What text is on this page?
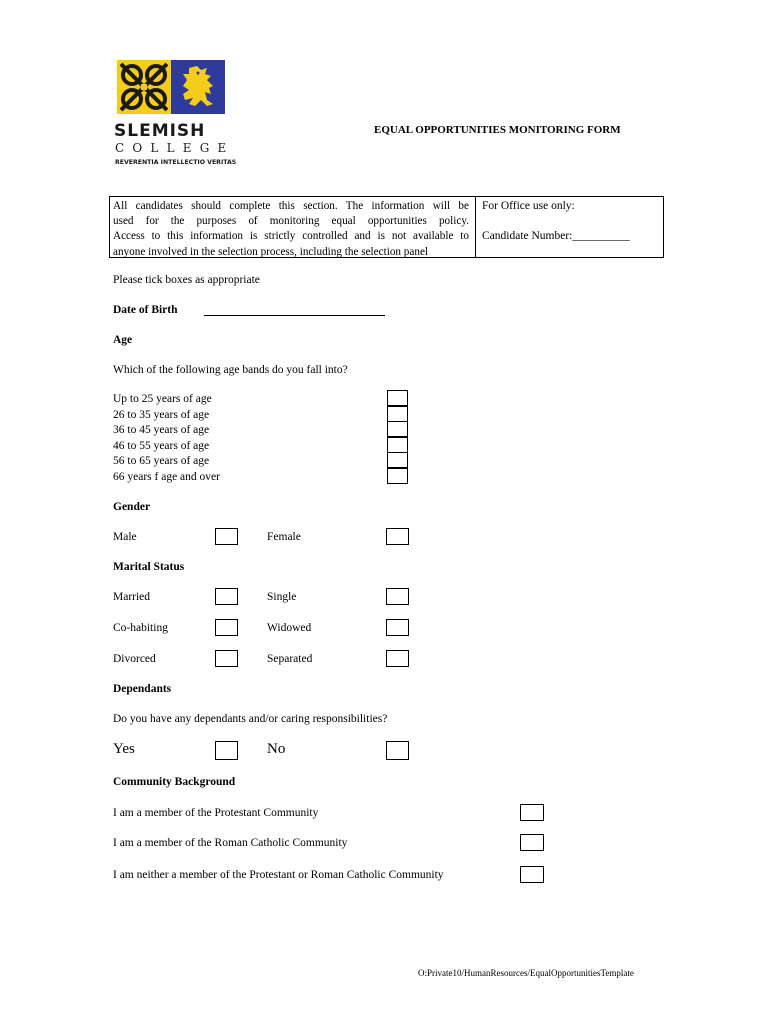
SLEMISH
COLLEGE
REVERENTIA INTELLECTIO VERITAS
EQUAL OPPORTUNITIES MONITORING FORM
All candidates should complete this section. The information will be
used for the purposes of monitoring equal opportunities policy.
Access to this information is strictly controlled and is not available to
anyone involved in the selection process, including the selection panel
For Office use only:
Candidate Number:__________
Please tick boxes as appropriate
Date of Birth
Age
Which of the following age bands do you fall into?
Up to 25 years of age
26 to 35 years of age
36 to 45 years of age
46 to 55 years of age
56 to 65 years of age
66 years f age and over
Gender
Male	Female
Marital Status
Married	Single
Co-habiting	Widowed
Divorced	Separated
Dependants
Do you have any dependants and/or caring responsibilities?
Yes	No
Community Background
I am a member of the Protestant Community
I am a member of the Roman Catholic Community
I am neither a member of the Protestant or Roman Catholic Community
O:Private10/HumanResources/EqualOpportunitiesTemplate
